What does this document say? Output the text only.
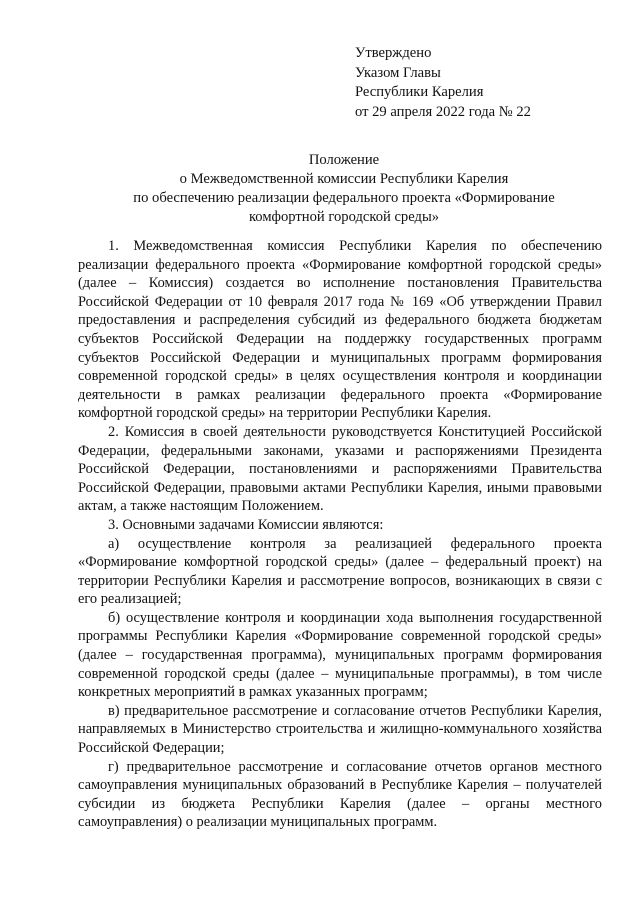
Утверждено
Указом Главы
Республики Карелия
от 29 апреля 2022 года № 22
Положение
о Межведомственной комиссии Республики Карелия
по обеспечению реализации федерального проекта «Формирование
комфортной городской среды»

1. Межведомственная комиссия Республики Карелия по обеспечению реализации федерального проекта «Формирование комфортной городской среды» (далее – Комиссия) создается во исполнение постановления Правительства Российской Федерации от 10 февраля 2017 года № 169 «Об утверждении Правил предоставления и распределения субсидий из федерального бюджета бюджетам субъектов Российской Федерации на поддержку государственных программ субъектов Российской Федерации и муниципальных программ формирования современной городской среды» в целях осуществления контроля и координации деятельности в рамках реализации федерального проекта «Формирование комфортной городской среды» на территории Республики Карелия.

2. Комиссия в своей деятельности руководствуется Конституцией Российской Федерации, федеральными законами, указами и распоряжениями Президента Российской Федерации, постановлениями и распоряжениями Правительства Российской Федерации, правовыми актами Республики Карелия, иными правовыми актам, а также настоящим Положением.

3. Основными задачами Комиссии являются:

а) осуществление контроля за реализацией федерального проекта «Формирование комфортной городской среды» (далее – федеральный проект) на территории Республики Карелия и рассмотрение вопросов, возникающих в связи с его реализацией;

б) осуществление контроля и координации хода выполнения государственной программы Республики Карелия «Формирование современной городской среды» (далее – государственная программа), муниципальных программ формирования современной городской среды (далее – муниципальные программы), в том числе конкретных мероприятий в рамках указанных программ;

в) предварительное рассмотрение и согласование отчетов Республики Карелия, направляемых в Министерство строительства и жилищно-коммунального хозяйства Российской Федерации;

г) предварительное рассмотрение и согласование отчетов органов местного самоуправления муниципальных образований в Республике Карелия – получателей субсидии из бюджета Республики Карелия (далее – органы местного самоуправления) о реализации муниципальных программ.
